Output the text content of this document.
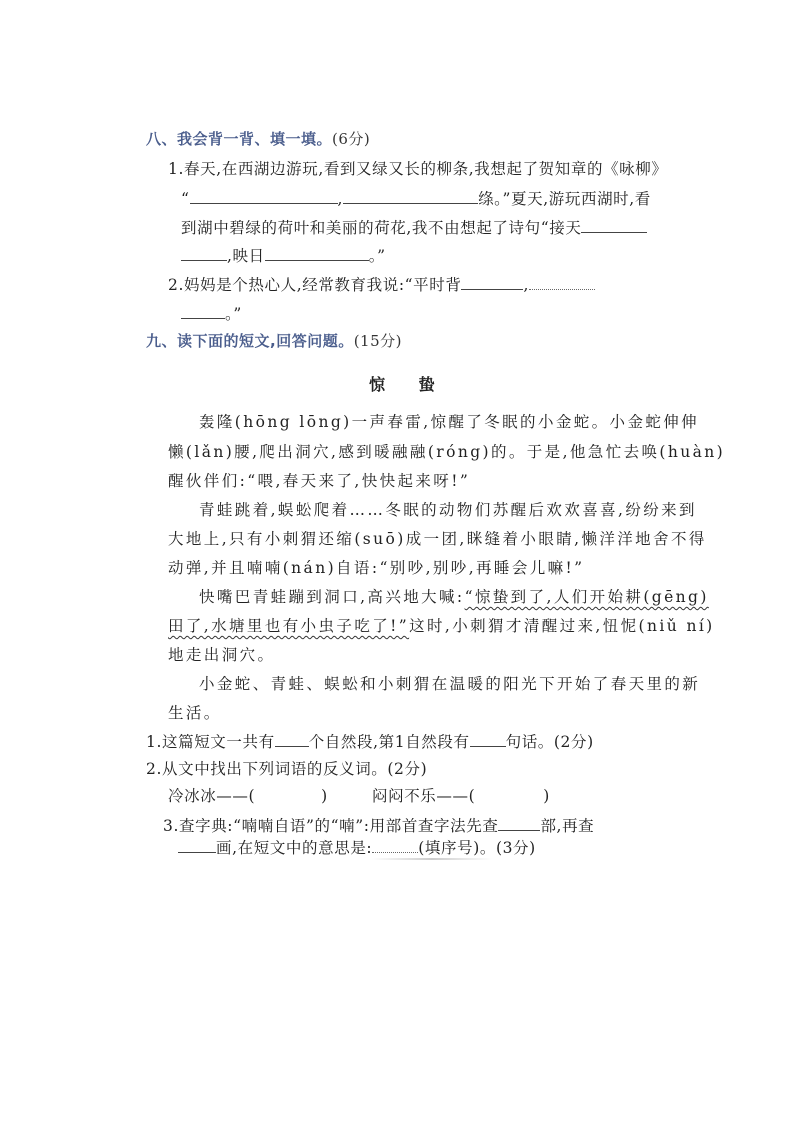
八、我会背一背、填一填。(6分)
1.春天,在西湖边游玩,看到又绿又长的柳条,我想起了贺知章的《咏柳》
“	,	绦。”夏天,游玩西湖时,看
到湖中碧绿的荷叶和美丽的荷花,我不由想起了诗句“接天
,映日	。”
2.妈妈是个热心人,经常教育我说:“平时背	,
。”
九、读下面的短文,回答问题。(15分)
惊 蛰
轰隆(hōng lōng)一声春雷,惊醒了冬眠的小金蛇。小金蛇伸伸
懒(lǎn)腰,爬出洞穴,感到暖融融(róng)的。于是,他急忙去唤(huàn)
醒伙伴们:“喂,春天来了,快快起来呀!”
青蛙跳着,蜈蚣爬着……冬眠的动物们苏醒后欢欢喜喜,纷纷来到
大地上,只有小刺猬还缩(suō)成一团,眯缝着小眼睛,懒洋洋地舍不得
动弹,并且喃喃(nán)自语:“别吵,别吵,再睡会儿嘛!”
快嘴巴青蛙蹦到洞口,高兴地大喊:“惊蛰到了,人们开始耕(gēng)
田了,水塘里也有小虫子吃了!”这时,小刺猬才清醒过来,忸怩(niǔ ní)
地走出洞穴。
小金蛇、青蛙、蜈蚣和小刺猬在温暖的阳光下开始了春天里的新
生活。
1.这篇短文一共有 个自然段,第1自然段有 句话。(2分)
2.从文中找出下列词语的反义词。(2分)
冷冰冰——(	)	闷闷不乐——(	)
3.查字典:“喃喃自语”的“喃”:用部首查字法先查	部,再查
画,在短文中的意思是:	(填序号)。(3分)
